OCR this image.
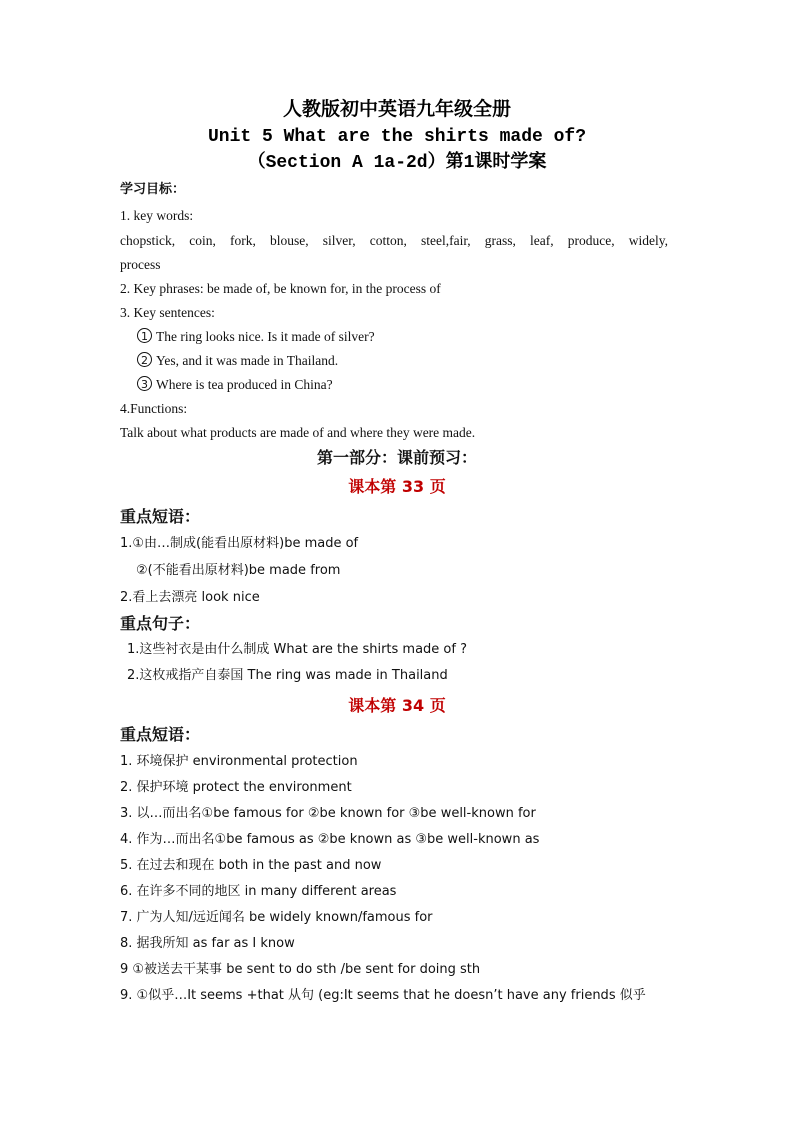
人教版初中英语九年级全册
Unit 5 What are the shirts made of?
（Section A 1a-2d）第1课时学案
学习目标：
1. key words:
chopstick, coin, fork, blouse, silver, cotton, steel,fair, grass, leaf, produce, widely,
process
2. Key phrases: be made of, be known for, in the process of
3. Key sentences:
1 The ring looks nice. Is it made of silver?
2 Yes, and it was made in Thailand.
3 Where is tea produced in China?
4.Functions:
Talk about what products are made of and where they were made.
第一部分：课前预习：
课本第 33 页
重点短语：
1.①由…制成(能看出原材料)be made of
②(不能看出原材料)be made from
2.看上去漂亮 look nice
重点句子：
1.这些衬衣是由什么制成 What are the shirts made of ?
2.这枚戒指产自泰国 The ring was made in Thailand
课本第 34 页
重点短语：
1. 环境保护 environmental protection
2. 保护环境 protect the environment
3. 以…而出名①be famous for ②be known for ③be well-known for
4. 作为…而出名①be famous as ②be known as ③be well-known as
5. 在过去和现在 both in the past and now
6. 在许多不同的地区 in many different areas
7. 广为人知/远近闻名 be widely known/famous for
8. 据我所知 as far as I know
9 ①被送去干某事 be sent to do sth /be sent for doing sth
9. ①似乎…It seems +that 从句 (eg:It seems that he doesn’t have any friends 似乎
